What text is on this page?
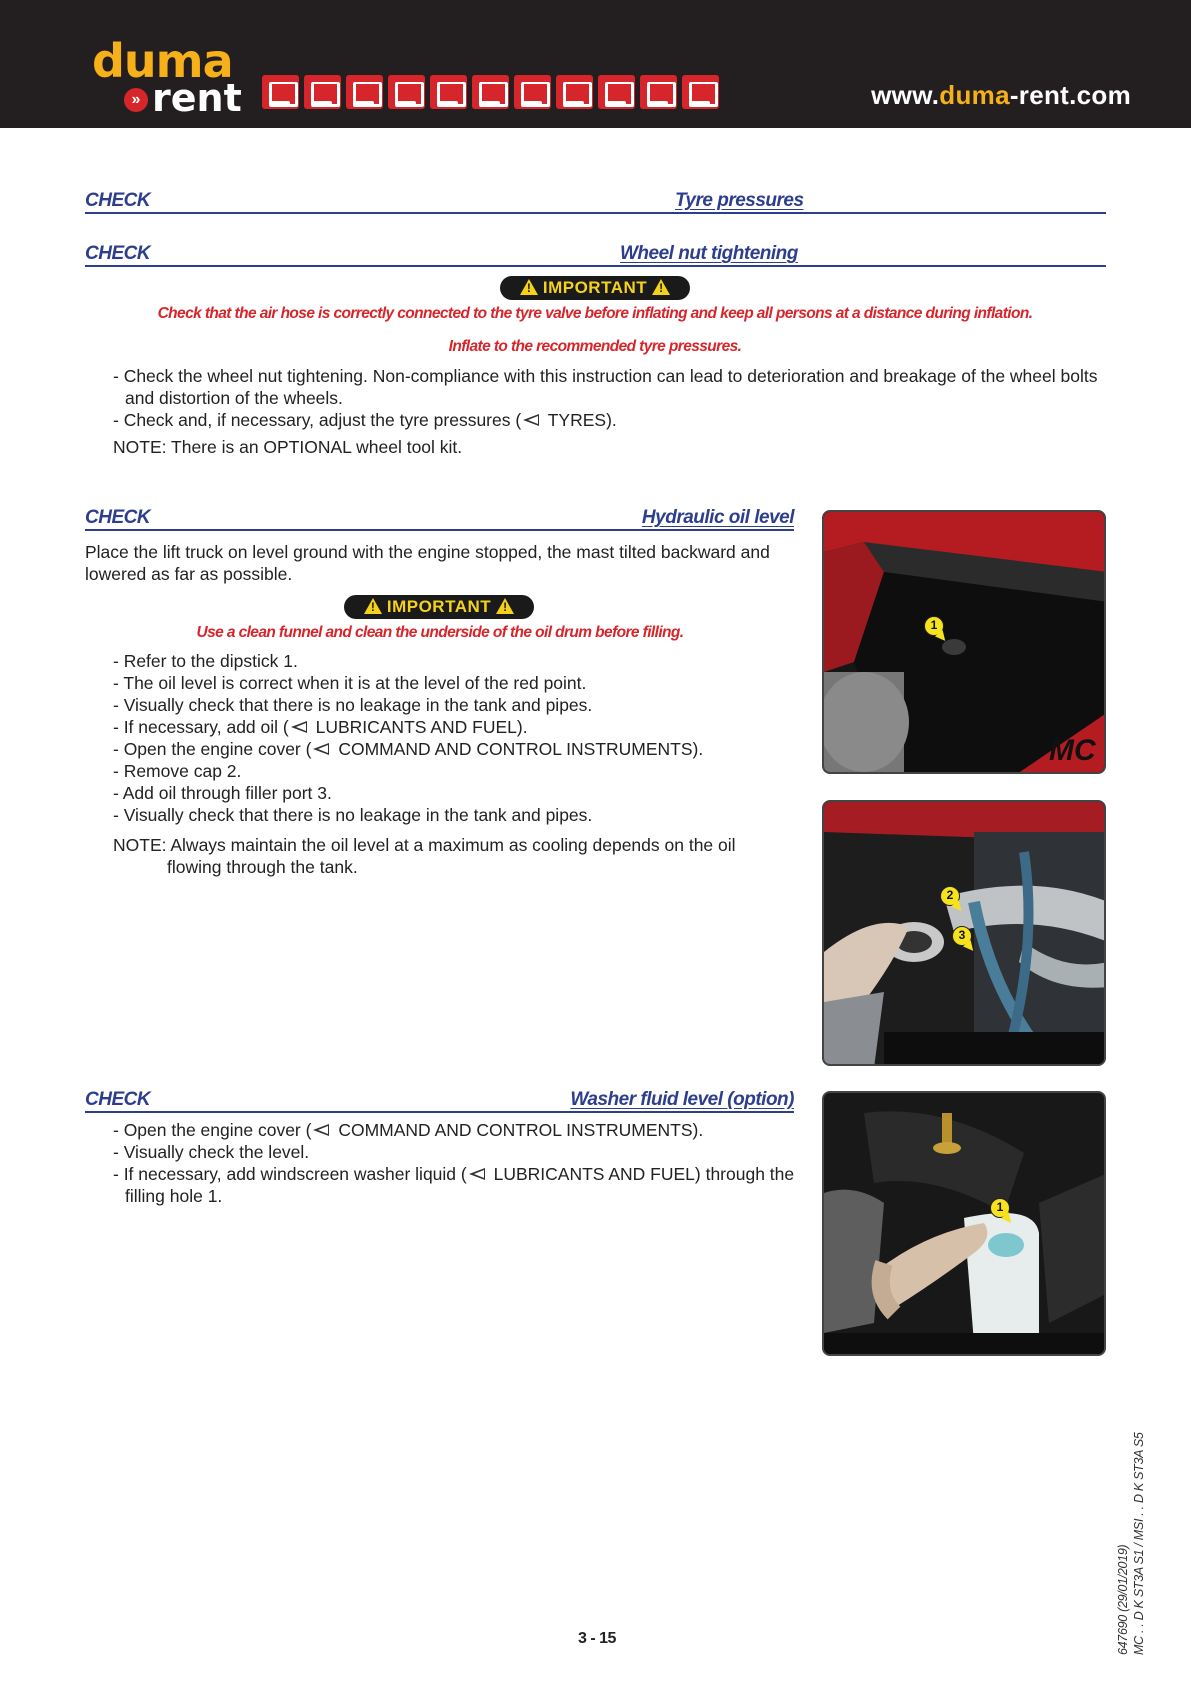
duma
» rent	www.duma-rent.com
CHECK	Tyre pressures
CHECK	Wheel nut tightening
!IMPORTANT!
Check that the air hose is correctly connected to the tyre valve before inflating and keep all persons at a distance during inflation.
Inflate to the recommended tyre pressures.
- Check the wheel nut tightening. Non-compliance with this instruction can lead to deterioration and breakage of the wheel bolts and distortion of the wheels.
- Check and, if necessary, adjust the tyre pressures ( TYRES).
NOTE: There is an OPTIONAL wheel tool kit.
CHECK	Hydraulic oil level
Place the lift truck on level ground with the engine stopped, the mast tilted backward and lowered as far as possible.
!IMPORTANT!
Use a clean funnel and clean the underside of the oil drum before filling.
- Refer to the dipstick 1.
- The oil level is correct when it is at the level of the red point.
- Visually check that there is no leakage in the tank and pipes.
- If necessary, add oil ( LUBRICANTS AND FUEL).
- Open the engine cover ( COMMAND AND CONTROL INSTRUMENTS).
- Remove cap 2.
- Add oil through filler port 3.
- Visually check that there is no leakage in the tank and pipes.
NOTE: Always maintain the oil level at a maximum as cooling depends on the oil
flowing through the tank.
MC
1
2
3
CHECK	Washer fluid level (option)
- Open the engine cover ( COMMAND AND CONTROL INSTRUMENTS).
- Visually check the level.
- If necessary, add windscreen washer liquid ( LUBRICANTS AND FUEL) through the filling hole 1.
1
3 - 15	647690 (29/01/2019) MC . . D K ST3A S1 / MSI . . D K ST3A S5
